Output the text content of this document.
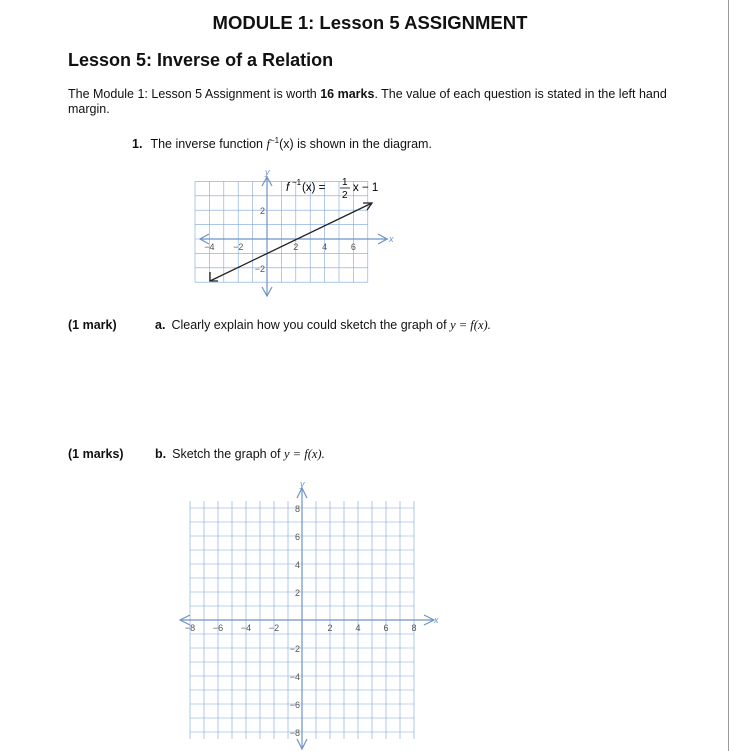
MODULE 1: Lesson 5 ASSIGNMENT
Lesson 5: Inverse of a Relation
The Module 1: Lesson 5 Assignment is worth 16 marks. The value of each question is stated in the left hand margin.
1. The inverse function $f^{-1}(x)$ is shown in the diagram.
x
y
−4 −2	2	4	6
2
−2
f −1 (x) = 1
2
x − 1
(1 mark)	a. Clearly explain how you could sketch the graph of y = f(x).
(1 marks)	b. Sketch the graph of y = f(x).
x
y
−8 −6 −4 −2	2	4	6	8
8
6
4
2
−2
−4
−6
−8
